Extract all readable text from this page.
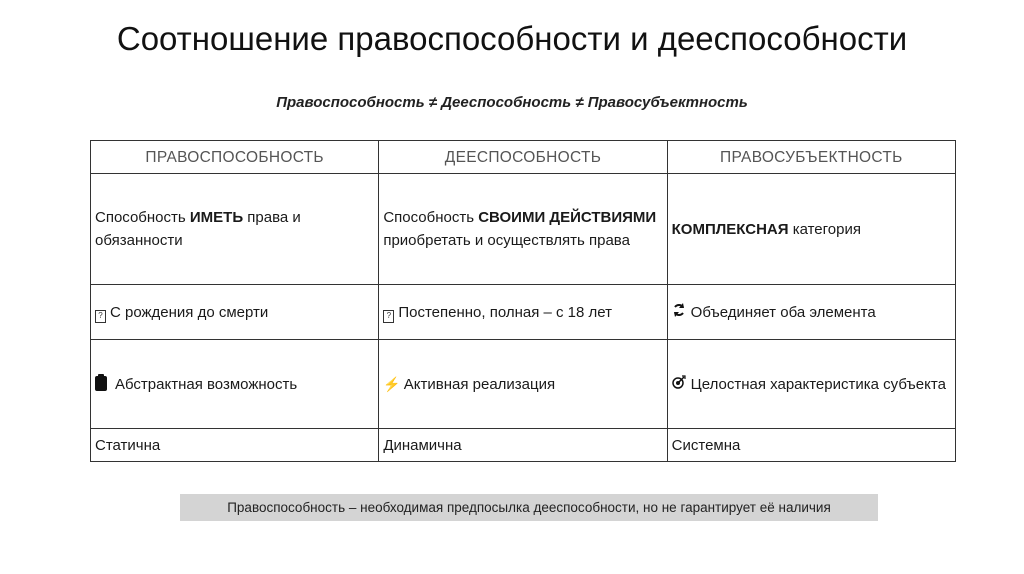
Соотношение правоспособности и дееспособности
Правоспособность ≠ Дееспособность ≠ Правосубъектность
ПРАВОСПОСОБНОСТЬ	ДЕЕСПОСОБНОСТЬ	ПРАВОСУБЪЕКТНОСТЬ
Способность ИМЕТЬ права и обязанности	Способность СВОИМИ ДЕЙСТВИЯМИ приобретать и осуществлять права	КОМПЛЕКСНАЯ категория
? С рождения до смерти	? Постепенно, полная – с 18 лет	Объединяет оба элемента
Абстрактная возможность	⚡ Активная реализация	Целостная характеристика субъекта
Статична	Динамична	Системна
Правоспособность – необходимая предпосылка дееспособности, но не гарантирует её наличия
